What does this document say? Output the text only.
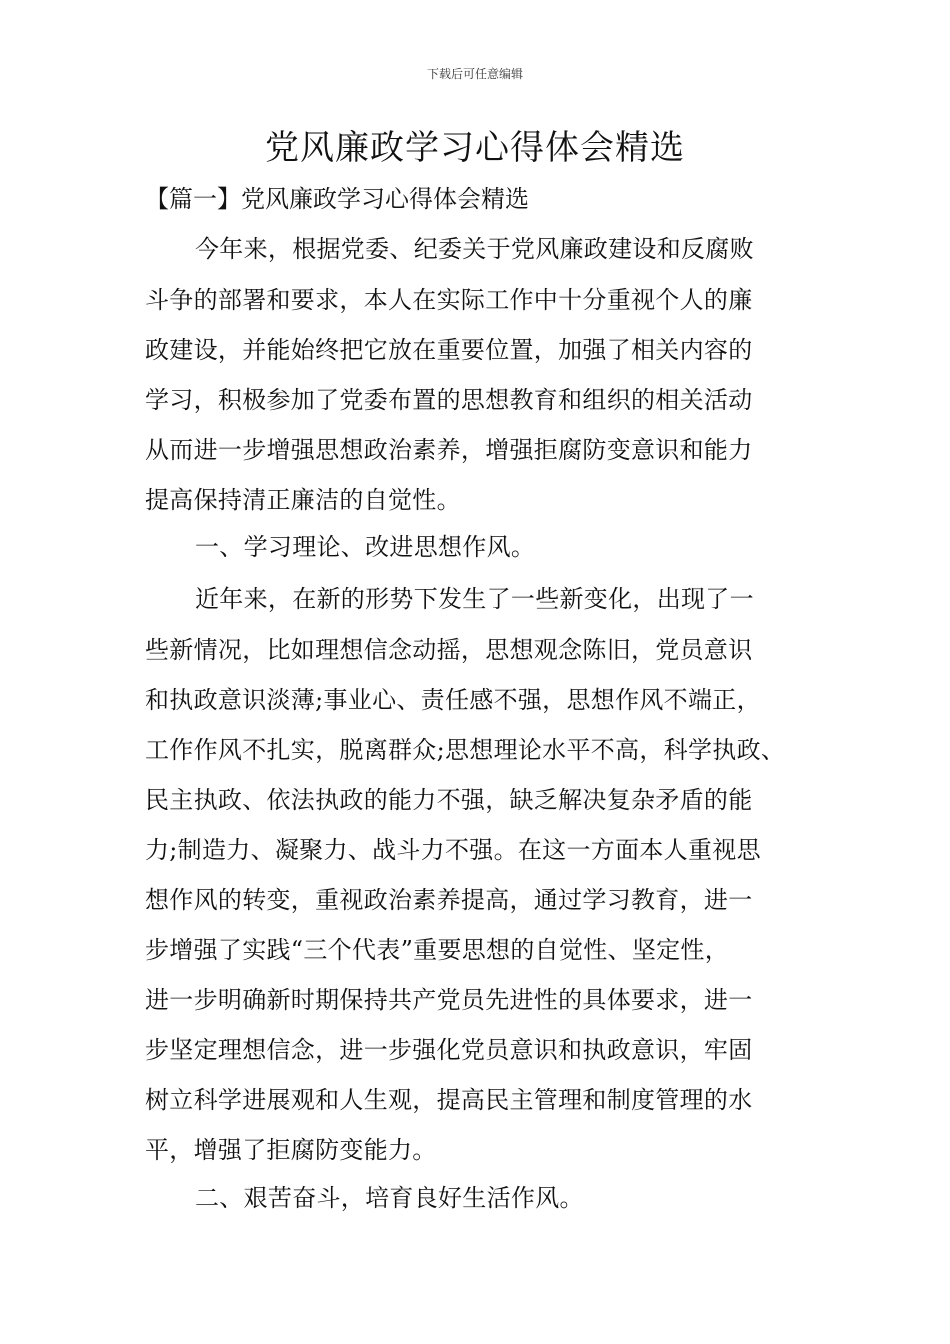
下载后可任意编辑
党风廉政学习心得体会精选
【篇一】党风廉政学习心得体会精选
今年来，根据党委、纪委关于党风廉政建设和反腐败
斗争的部署和要求，本人在实际工作中十分重视个人的廉
政建设，并能始终把它放在重要位置，加强了相关内容的
学习，积极参加了党委布置的思想教育和组织的相关活动
从而进一步增强思想政治素养，增强拒腐防变意识和能力
提高保持清正廉洁的自觉性。
一、学习理论、改进思想作风。
近年来，在新的形势下发生了一些新变化，出现了一
些新情况，比如理想信念动摇，思想观念陈旧，党员意识
和执政意识淡薄;事业心、责任感不强，思想作风不端正，
工作作风不扎实，脱离群众;思想理论水平不高，科学执政、
民主执政、依法执政的能力不强，缺乏解决复杂矛盾的能
力;制造力、凝聚力、战斗力不强。在这一方面本人重视思
想作风的转变，重视政治素养提高，通过学习教育，进一
步增强了实践“三个代表”重要思想的自觉性、坚定性，
进一步明确新时期保持共产党员先进性的具体要求，进一
步坚定理想信念，进一步强化党员意识和执政意识，牢固
树立科学进展观和人生观，提高民主管理和制度管理的水
平，增强了拒腐防变能力。
二、艰苦奋斗，培育良好生活作风。
